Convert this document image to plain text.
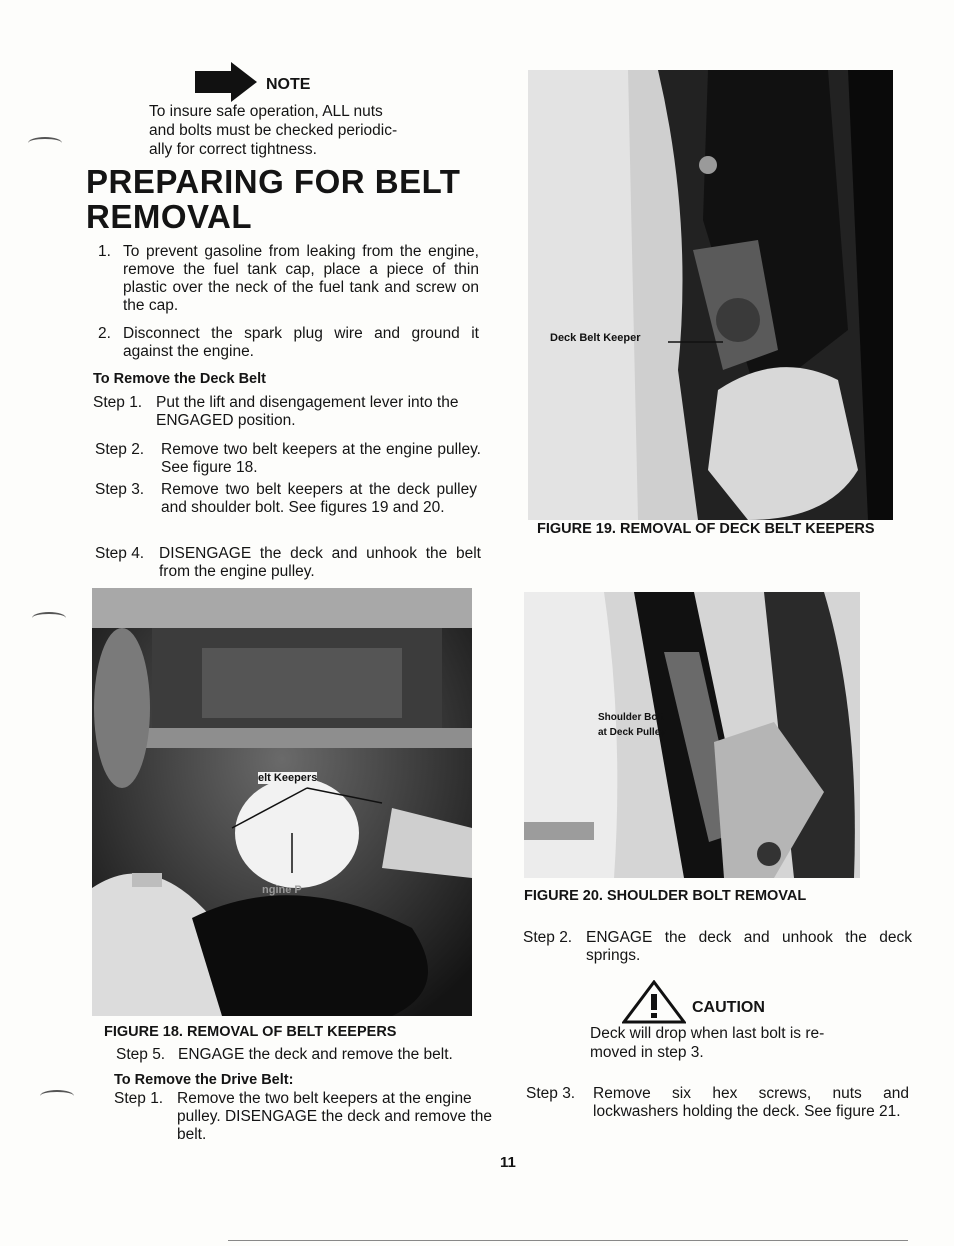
NOTE
To insure safe operation, ALL nuts
and bolts must be checked periodic-
ally for correct tightness.
PREPARING FOR BELT
REMOVAL
1. To prevent gasoline from leaking from the engine, remove the fuel tank cap, place a piece of thin plastic over the neck of the fuel tank and screw on the cap.
2. Disconnect the spark plug wire and ground it against the engine.
To Remove the Deck Belt
Step 1. Put the lift and disengagement lever into the ENGAGED position.
Step 2. Remove two belt keepers at the engine pulley. See figure 18.
Step 3. Remove two belt keepers at the deck pulley and shoulder bolt. See figures 19 and 20.
Step 4. DISENGAGE the deck and unhook the belt from the engine pulley.
elt Keepers
ngine P
FIGURE 18. REMOVAL OF BELT KEEPERS
Step 5. ENGAGE the deck and remove the belt.
To Remove the Drive Belt:
Step 1. Remove the two belt keepers at the engine pulley. DISENGAGE the deck and remove the belt.
Deck Belt Keeper
FIGURE 19. REMOVAL OF DECK BELT KEEPERS
Shoulder Bolt
at Deck Pulley
FIGURE 20. SHOULDER BOLT REMOVAL
Step 2. ENGAGE the deck and unhook the deck springs.
CAUTION
Deck will drop when last bolt is re-
moved in step 3.
Step 3. Remove six hex screws, nuts and lockwashers holding the deck. See figure 21.
11
